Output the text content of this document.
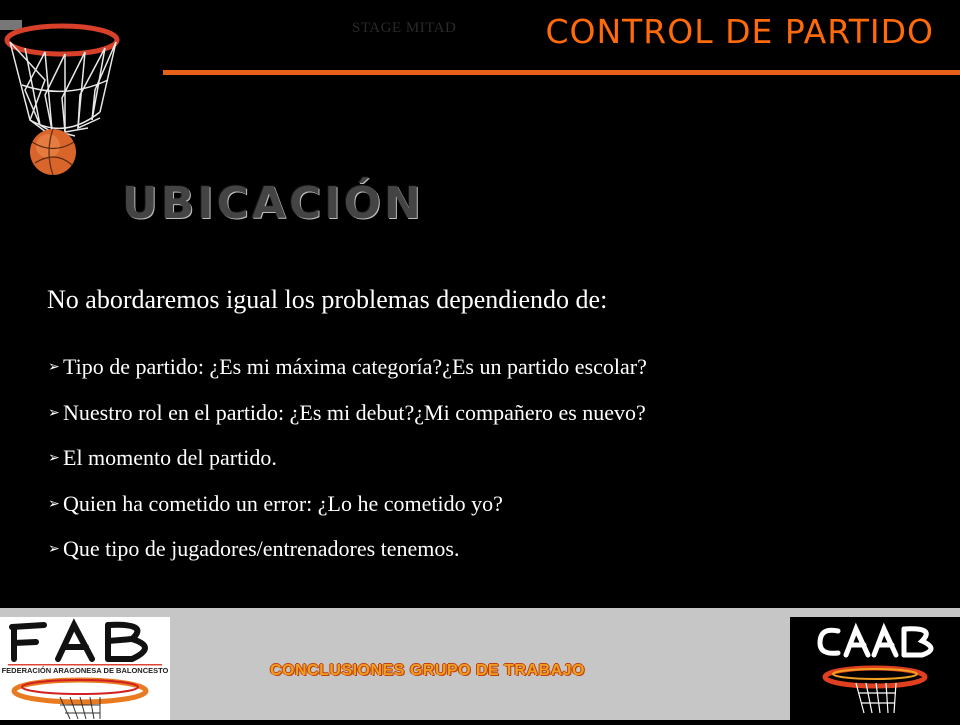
STAGE MITAD	CONTROL DE PARTIDO
UBICACIÓN
No abordaremos igual los problemas dependiendo de:
➢ Tipo de partido: ¿Es mi máxima categoría?¿Es un partido escolar?
➢ Nuestro rol en el partido: ¿Es mi debut?¿Mi compañero es nuevo?
➢ El momento del partido.
➢ Quien ha cometido un error: ¿Lo he cometido yo?
➢ Que tipo de jugadores/entrenadores tenemos.
FEDERACIÓN ARAGONESA DE BALONCESTO	CONCLUSIONES GRUPO DE TRABAJO
